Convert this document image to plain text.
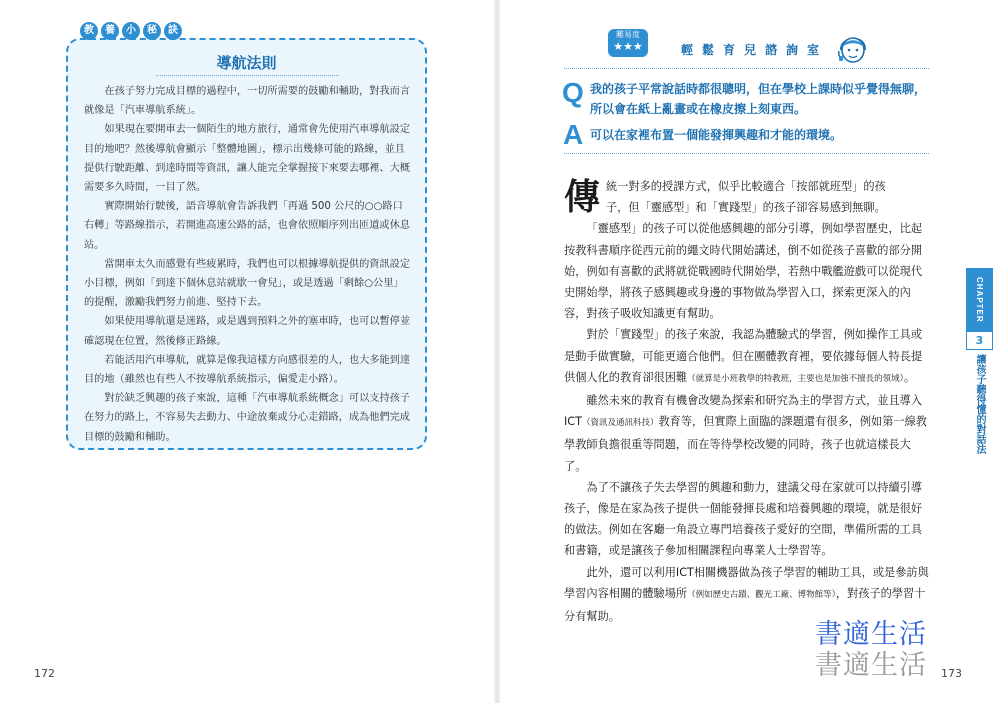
導航法則

在孩子努力完成目標的過程中，一切所需要的鼓勵和輔助，對我而言就像是「汽車導航系統」。

如果現在要開車去一個陌生的地方旅行，通常會先使用汽車導航設定目的地吧？然後導航會顯示「整體地圖」，標示出幾條可能的路線，並且提供行駛距離、到達時間等資訊，讓人能完全掌握接下來要去哪裡、大概需要多久時間，一目了然。

實際開始行駛後，語音導航會告訴我們「再過 500 公尺的○○路口右轉」等路線指示，若開進高速公路的話，也會依照順序列出匝道或休息站。

當開車太久而感覺有些疲累時，我們也可以根據導航提供的資訊設定小目標，例如「到達下個休息站就歇一會兒」，或是透過「剩餘○公里」的提醒，激勵我們努力前進、堅持下去。

如果使用導航還是迷路，或是遇到預料之外的塞車時，也可以暫停並確認現在位置，然後修正路線。

若能活用汽車導航，就算是像我這樣方向感很差的人，也大多能到達目的地（雖然也有些人不按導航系統指示，偏愛走小路）。

對於缺乏興趣的孩子來說，這種「汽車導航系統概念」可以支持孩子在努力的路上，不容易失去動力、中途放棄或分心走錯路，成為他們完成目標的鼓勵和輔助。

教	養	小	秘	訣
172
難易度
★★★	輕 鬆 育 兒 諮 詢 室
Q 我的孩子平常說話時都很聰明，但在學校上課時似乎覺得無聊，所以會在紙上亂畫或在橡皮擦上刻東西。
A 可以在家裡布置一個能發揮興趣和才能的環境。
傳 統一對多的授課方式，似乎比較適合「按部就班型」的孩

子，但「靈感型」和「實踐型」的孩子卻容易感到無聊。

「靈感型」的孩子可以從他感興趣的部分引導，例如學習歷史，比起按教科書順序從西元前的繩文時代開始講述，倒不如從孩子喜歡的部分開始，例如有喜歡的武將就從戰國時代開始學，若熱中戰艦遊戲可以從現代史開始學，將孩子感興趣或身邊的事物做為學習入口，探索更深入的內容，對孩子吸收知識更有幫助。

對於「實踐型」的孩子來說，我認為體驗式的學習，例如操作工具或是動手做實驗，可能更適合他們。但在團體教育裡，要依據每個人特長提供個人化的教育卻很困難（就算是小班教學的特教班，主要也是加強不擅長的領域）。

雖然未來的教育有機會改變為探索和研究為主的學習方式，並且導入ICT（資訊及通訊科技）教育等，但實際上面臨的課題還有很多，例如第一線教學教師負擔很重等問題，而在等待學校改變的同時，孩子也就這樣長大了。

為了不讓孩子失去學習的興趣和動力，建議父母在家就可以持續引導孩子，像是在家為孩子提供一個能發揮長處和培養興趣的環境，就是很好的做法。例如在客廳一角設立專門培養孩子愛好的空間，準備所需的工具和書籍，或是讓孩子參加相關課程向專業人士學習等。

此外，還可以利用ICT相關機器做為孩子學習的輔助工具，或是參訪與學習內容相關的體驗場所（例如歷史古蹟、觀光工廠、博物館等），對孩子的學習十分有幫助。

CHAPTER
3
讓孩子聽得懂的對話法
173
書適生活
書適生活
